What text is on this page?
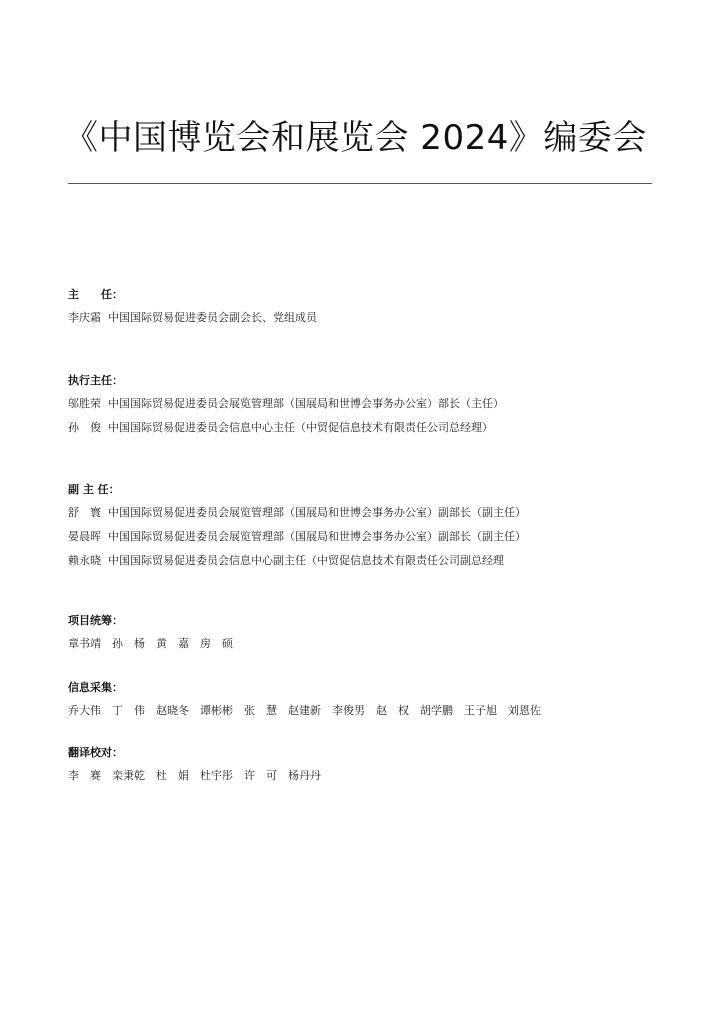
《中国博览会和展览会 2024》编委会
主　　任：
李庆霜  中国国际贸易促进委员会副会长、党组成员
执行主任：
邬胜荣  中国国际贸易促进委员会展览管理部（国展局和世博会事务办公室）部长（主任）
孙　俊  中国国际贸易促进委员会信息中心主任（中贸促信息技术有限责任公司总经理）
副 主 任：
舒　寰  中国国际贸易促进委员会展览管理部（国展局和世博会事务办公室）副部长（副主任）
晏晨晖  中国国际贸易促进委员会展览管理部（国展局和世博会事务办公室）副部长（副主任）
赖永晓  中国国际贸易促进委员会信息中心副主任（中贸促信息技术有限责任公司副总经理
项目统筹：
章书靖　孙　杨　黄　嘉　房　硕
信息采集：
乔大伟　丁　伟　赵晓冬　谭彬彬　张　慧　赵建新　李俊男　赵　权　胡学鹏　王子旭　刘恩佐
翻译校对：
李　赛　栾秉乾　杜　娟　杜宇彤　许　可　杨丹丹
